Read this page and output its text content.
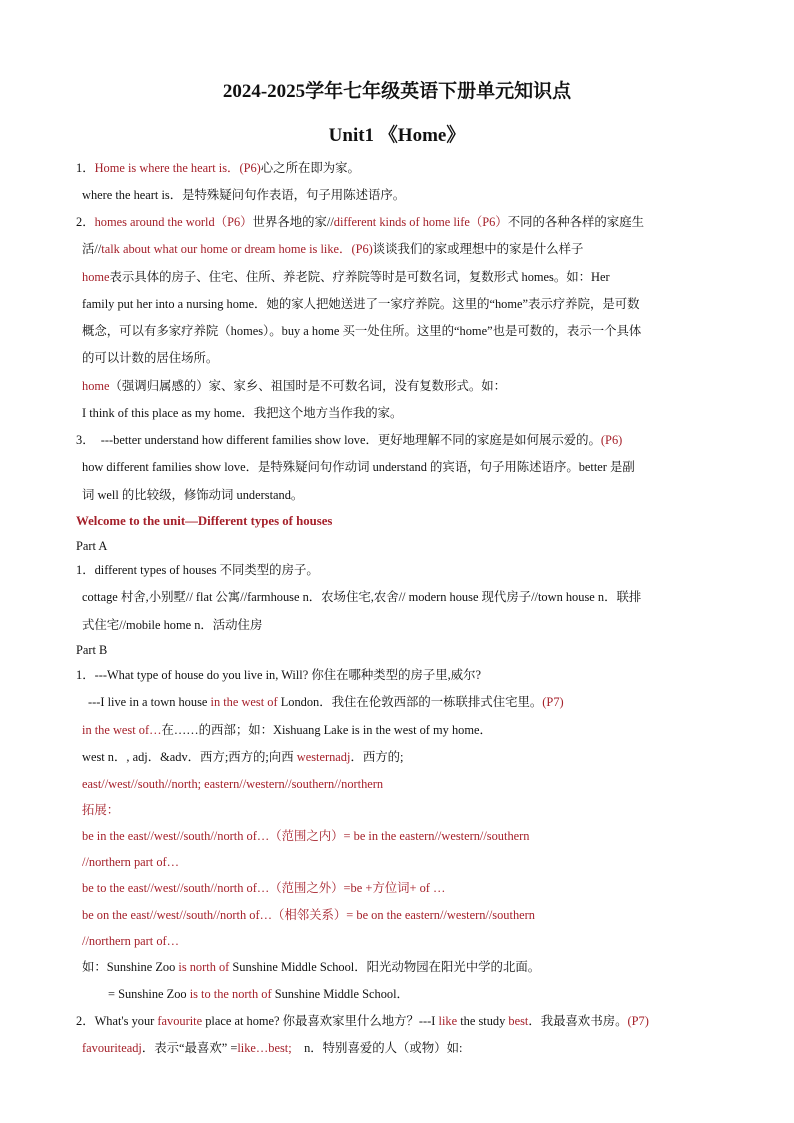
2024-2025学年七年级英语下册单元知识点
Unit1 《Home》
1．Home is where the heart is．(P6)心之所在即为家。
where the heart is．是特殊疑问句作表语，句子用陈述语序。
2．homes around the world（P6）世界各地的家//different kinds of home life（P6）不同的各种各样的家庭生
活//talk about what our home or dream home is like．(P6)谈谈我们的家或理想中的家是什么样子
home表示具体的房子、住宅、住所、养老院、疗养院等时是可数名词，复数形式 homes。如：Her
family put her into a nursing home．她的家人把她送进了一家疗养院。这里的“home”表示疗养院，是可数
概念，可以有多家疗养院（homes）。buy a home 买一处住所。这里的“home”也是可数的，表示一个具体
的可以计数的居住场所。
home（强调归属感的）家、家乡、祖国时是不可数名词，没有复数形式。如：
I think of this place as my home．我把这个地方当作我的家。
3．　---better understand how different families show love．更好地理解不同的家庭是如何展示爱的。(P6)
how different families show love．是特殊疑问句作动词 understand 的宾语，句子用陈述语序。better 是副
词 well 的比较级，修饰动词 understand。
Welcome to the unit—Different types of houses
Part A
1．different types of houses 不同类型的房子。
cottage 村舍,小别墅// flat 公寓//farmhouse n．农场住宅,农舍// modern house 现代房子//town house n．联排
式住宅//mobile home n．活动住房
Part B
1．---What type of house do you live in, Will? 你住在哪种类型的房子里,威尔?
---I live in a town house in the west of London．我住在伦敦西部的一栋联排式住宅里。(P7)
in the west of…在……的西部；如：Xishuang Lake is in the west of my home．
west n．, adj．&adv．西方;西方的;向西 westernadj．西方的;
east//west//south//north; eastern//western//southern//northern
拓展：
be in the east//west//south//north of…（范围之内）= be in the eastern//western//southern
//northern part of…
be to the east//west//south//north of…（范围之外）=be +方位词+ of …
be on the east//west//south//north of…（相邻关系）= be on the eastern//western//southern
//northern part of…
如：Sunshine Zoo is north of Sunshine Middle School．阳光动物园在阳光中学的北面。
= Sunshine Zoo is to the north of Sunshine Middle School．
2．What's your favourite place at home? 你最喜欢家里什么地方？---I like the study best．我最喜欢书房。(P7)
favouriteadj．表示“最喜欢” =like…best;　n．特别喜爱的人（或物）如:
